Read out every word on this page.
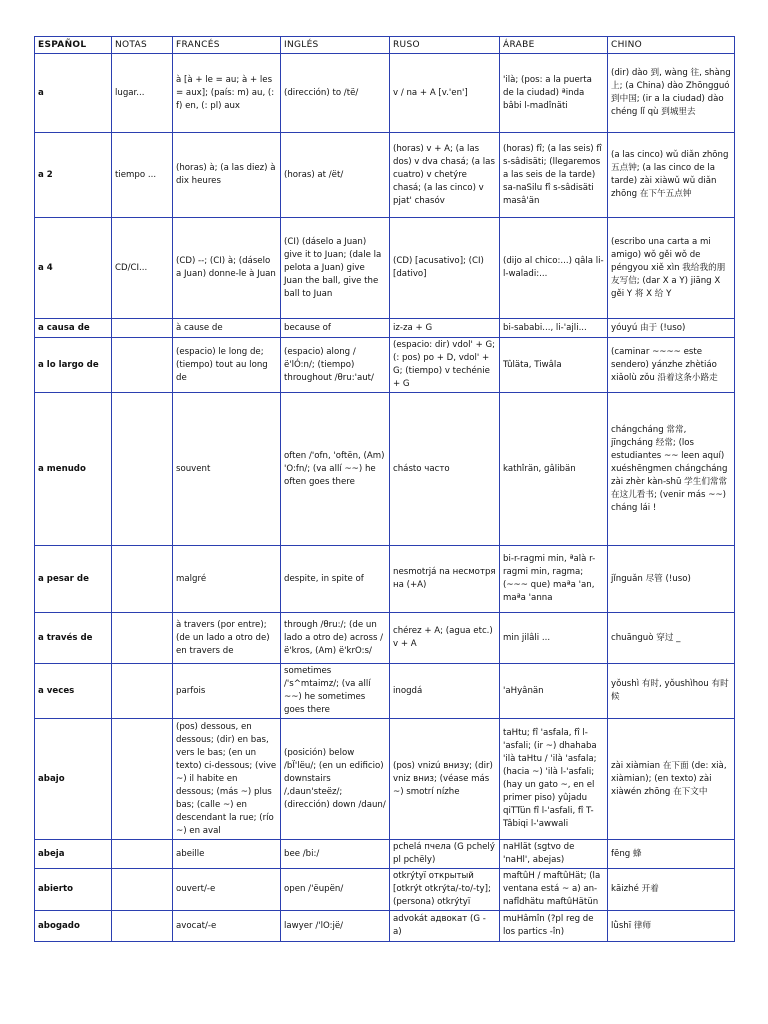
ESPAÑOL	NOTAS	FRANCÉS	INGLÉS	RUSO	ÁRABE	CHINO
a	lugar...	à [à + le = au; à + les = aux]; (país: m) au, (: f) en, (: pl) aux	(dirección) to /të/	v / na + A [v.'en']	'ilà; (pos: a la puerta de la ciudad) ªinda bâbi l-madînäti	(dir) dào 到, wàng 往, shàng 上; (a China) dào Zhōngguó 到中国; (ir a la ciudad) dào chéng lǐ qù 到城里去
a 2	tiempo ...	(horas) à; (a las diez) à dix heures	(horas) at /ët/	(horas) v + A; (a las dos) v dva chasá; (a las cuatro) v chetýre chasá; (a las cinco) v pjat' chasóv	(horas) fî; (a las seis) fî s-sâdisäti; (llegaremos a las seis de la tarde) sa-naSilu fî s-sâdisäti masâ'än	(a las cinco) wǔ diǎn zhōng 五点钟; (a las cinco de la tarde) zài xiàwǔ wǔ diǎn zhōng 在下午五点钟
a 4	CD/CI...	(CD) --; (CI) à; (dáselo a Juan) donne-le à Juan	(CI) (dáselo a Juan) give it to Juan; (dale la pelota a Juan) give Juan the ball, give the ball to Juan	(CD) [acusativo]; (CI) [dativo]	(dijo al chico:...) qâla li-l-waladi:...	(escribo una carta a mi amigo) wǒ gěi wǒ de péngyou xiě xìn 我给我的朋友写信; (dar X a Y) jiāng X gěi Y 将 X 给 Y
a causa de		à cause de	because of	iz-za + G	bi-sababi..., li-'ajli...	yóuyú 由于 (!uso)
a lo largo de		(espacio) le long de; (tiempo) tout au long de	(espacio) along /ë'lÓ:n/; (tiempo) throughout /θru:'aut/	(espacio: dir) vdol' + G; (: pos) po + D, vdol' + G; (tiempo) v techénie + G	Tûläta, Tiwâla	(caminar ~~~~ este sendero) yánzhe zhètiáo xiǎolù zǒu 沿着这条小路走
a menudo		souvent	often /'ofn, 'oftën, (Am) 'O:fn/; (va allí ~~) he often goes there	chásto часто	kathîrän, gâlibän	chángcháng 常常, jīngcháng 经常; (los estudiantes ~~ leen aquí) xuéshēngmen chángcháng zài zhèr kàn-shū 学生们常常在这儿看书; (venir más ~~) cháng lái !
a pesar de		malgré	despite, in spite of	nesmotrjá na несмотря на (+A)	bi-r-ragmi min, ªalà r-ragmi min, ragma; (~~~ que) maªa 'an, maªa 'anna	jǐnguǎn 尽管 (!uso)
a través de		à travers (por entre); (de un lado a otro de) en travers de	through /θru:/; (de un lado a otro de) across /ë'kros, (Am) ë'krO:s/	chérez + A; (agua etc.) v + A	min jilâli ...	chuānguò 穿过 _
a veces		parfois	sometimes /'s^mtaimz/; (va allí ~~) he sometimes goes there	inogdá	'aHyânän	yǒushì 有时, yǒushìhou 有时候
abajo		(pos) dessous, en dessous; (dir) en bas, vers le bas; (en un texto) ci-dessous; (vive ~) il habite en dessous; (más ~) plus bas; (calle ~) en descendant la rue; (río ~) en aval	(posición) below /bÏ'lëu/; (en un edificio) downstairs /,daun'steëz/; (dirección) down /daun/	(pos) vnizú внизу; (dir) vniz вниз; (véase más ~) smotrí nízhe	taHtu; fî 'asfala, fî l-'asfali; (ir ~) dhahaba 'ilà taHtu / 'ilà 'asfala; (hacia ~) 'ilà l-'asfali; (hay un gato ~, en el primer piso) yûjadu qiTTün fî l-'asfali, fî T-Tâbiqi l-'awwali	zài xiàmian 在下面 (de: xià, xiàmian); (en texto) zài xiàwén zhōng 在下文中
abeja		abeille	bee /bi:/	pchelá пчела (G pchelý pl pchëly)	naHlät (sgtvo de 'naHl', abejas)	fēng 蜂
abierto		ouvert/-e	open /'ëupën/	otkrýtyï открытый [otkrýt otkrýta/-to/-ty]; (persona) otkrýtyï	maftûH / maftûHät; (la ventana está ~ a) an-nafîdhätu maftûHätün	kāizhé 开着
abogado		avocat/-e	lawyer /'lO:jë/	advokát адвокат (G - a)	muHâmîn (?pl reg de los partics -în)	lǜshī 律师
